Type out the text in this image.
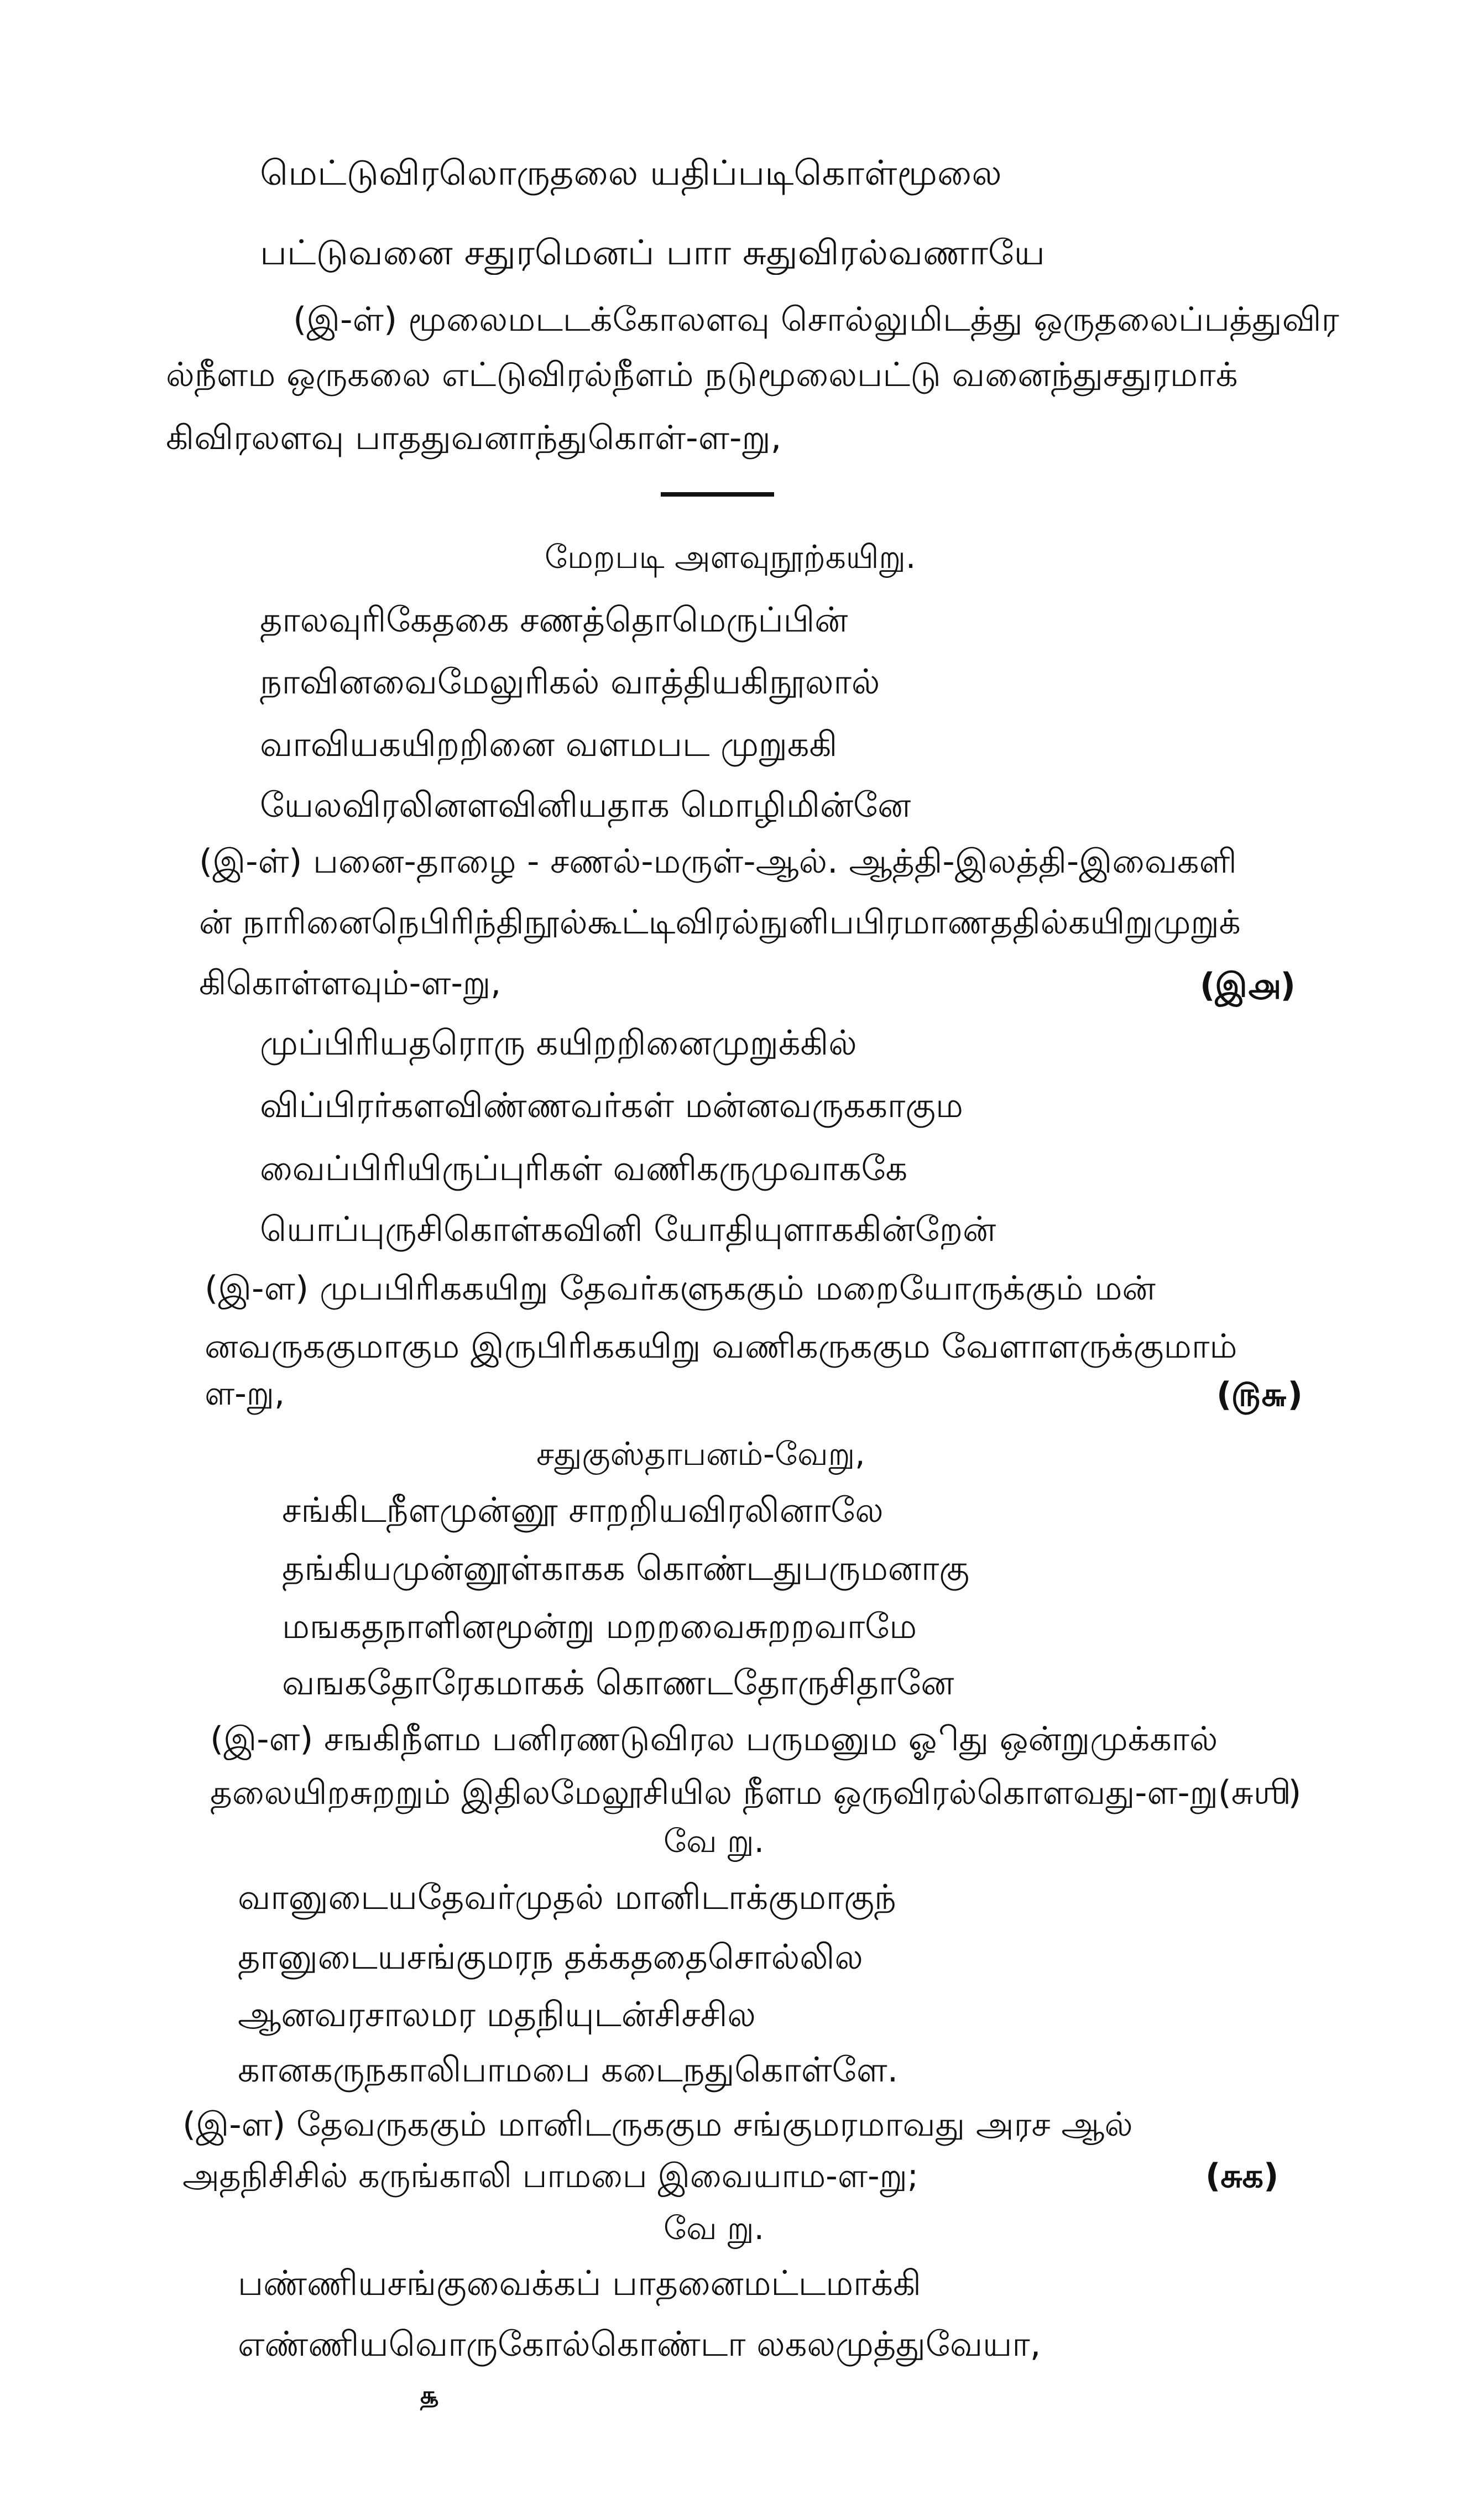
மெட்டுவிரலொருதலை யதிப்படிகொள்மூலை
பட்டுவனை சதுரமெனப் பாா சுதுவிரல்வணாயே
(இ-ள்) மூலைமடடக்கோலளவு சொல்லுமிடத்து ஒருதலைப்பத்துவிர
ல்நீளம ஒருகலை எட்டுவிரல்நீளம் நடுமூலைபட்டு வனைந்துசதுரமாக்
கிவிரலளவு பாததுவனாந்துகொள்-ள-று,
மேறபடி அளவுநூற்கயிறு.
தாலவுரிகேதகை சணத்தொமெருப்பின்
நாவினவைமேலுரிகல் வாத்தியகிநூலால்
வாவியகயிறறினை வளமபட முறுககி
யேலவிரலினளவினியதாக மொழிமின்னே
(இ-ள்) பனை-தாழை - சணல்-மருள்-ஆல். ஆத்தி-இலத்தி-இவைகளி
ன் நாரினைநெபிரிந்திநூல்கூட்டிவிரல்நுனிபபிரமாணததில்கயிறுமுறுக்
கிகொள்ளவும்-ள-று,	(இ௮)
முப்பிரியதரொரு கயிறறினைமுறுக்கில்
விப்பிரர்களவிண்ணவர்கள் மன்னவருககாகும
வைப்பிரியிருப்புரிகள் வணிகருமுவாககே
யொப்புருசிகொள்கவினி யோதியுளாககின்றேன்
(இ-ள) முபபிரிககயிறு தேவர்களுககும் மறையோருக்கும் மன்
னவருககுமாகும இருபிரிககயிறு வணிகருககும வேளாளருக்குமாம்
ள-று,	(௫௬)
சதுகுஸ்தாபனம்-வேறு,
சங்கிடநீளமுன்னூ சாறறியவிரலினாலே
தங்கியமுன்னூள்காகக கொண்டதுபருமனாகு
மஙகதநாளினமூன்று மறறவைசுறறவாமே
வஙகதோரேகமாகக் கொணடதோருசிதானே
(இ-ள) சஙகிநீளம பனிரணடுவிரல பருமனும ஓிது ஒன்றுமுக்கால்
தலையிறசுறறும் இதிலமேலூசியில நீளம ஒருவிரல்கொளவது-ள-று(சுஶி)
வே று.
வானுடையதேவர்முதல் மானிடாக்குமாகுந்
தானுடையசங்குமரந தக்கததைசொல்லில
ஆனவரசாலமர மதநியுடன்சிசசில
கானகருநகாலிபாமபை கடைநதுகொள்ளே.
(இ-ள) தேவருககும் மானிடருககும சங்குமரமாவது அரச ஆல்
அதநிசிசில் கருங்காலி பாமபை இவையாம-ள-று;	(சுக)
வே று.
பண்ணியசங்குவைக்கப் பாதனைமட்டமாக்கி
எண்ணியவொருகோல்கொண்டா லகலமுத்துவேயா,
௲
